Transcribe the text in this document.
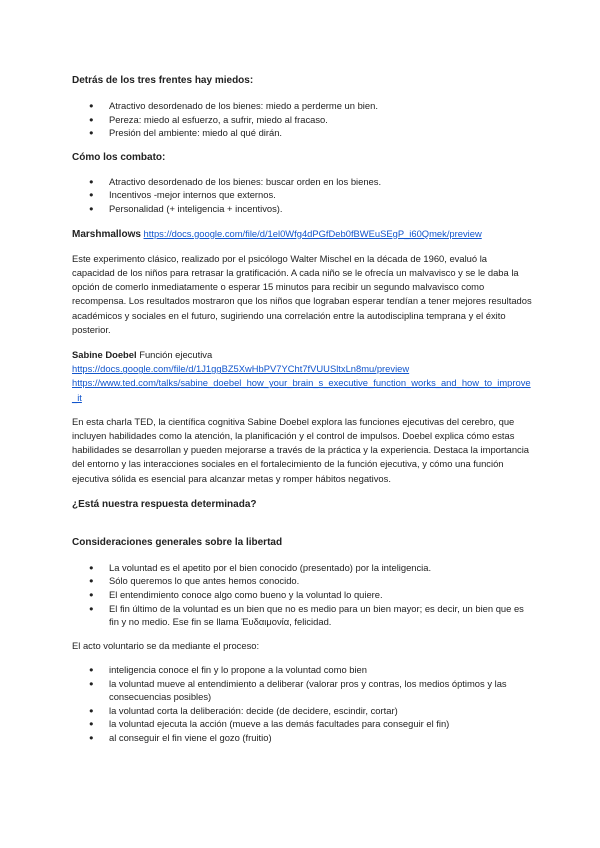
Detrás de los tres frentes hay miedos:

● Atractivo desordenado de los bienes: miedo a perderme un bien.
● Pereza: miedo al esfuerzo, a sufrir, miedo al fracaso.
● Presión del ambiente: miedo al qué dirán.

Cómo los combato:

● Atractivo desordenado de los bienes: buscar orden en los bienes.
● Incentivos -mejor internos que externos.
● Personalidad (+ inteligencia + incentivos).

Marshmallows https://docs.google.com/file/d/1el0Wfg4dPGfDeb0fBWEuSEgP_i60Qmek/preview

Este experimento clásico, realizado por el psicólogo Walter Mischel en la década de 1960, evaluó la capacidad de los niños para retrasar la gratificación. A cada niño se le ofrecía un malvavisco y se le daba la opción de comerlo inmediatamente o esperar 15 minutos para recibir un segundo malvavisco como recompensa. Los resultados mostraron que los niños que lograban esperar tendían a tener mejores resultados académicos y sociales en el futuro, sugiriendo una correlación entre la autodisciplina temprana y el éxito posterior.

Sabine Doebel Función ejecutiva

https://docs.google.com/file/d/1J1ggBZ5XwHbPV7YCht7fVUUSltxLn8mu/preview

https://www.ted.com/talks/sabine_doebel_how_your_brain_s_executive_function_works_and_how_to_improve_it

En esta charla TED, la científica cognitiva Sabine Doebel explora las funciones ejecutivas del cerebro, que incluyen habilidades como la atención, la planificación y el control de impulsos. Doebel explica cómo estas habilidades se desarrollan y pueden mejorarse a través de la práctica y la experiencia. Destaca la importancia del entorno y las interacciones sociales en el fortalecimiento de la función ejecutiva, y cómo una función ejecutiva sólida es esencial para alcanzar metas y romper hábitos negativos.

¿Está nuestra respuesta determinada?

Consideraciones generales sobre la libertad

● La voluntad es el apetito por el bien conocido (presentado) por la inteligencia.
● Sólo queremos lo que antes hemos conocido.
● El entendimiento conoce algo como bueno y la voluntad lo quiere.
● El fin último de la voluntad es un bien que no es medio para un bien mayor; es decir, un bien que es fin y no medio. Ese fin se llama Ἐυδαιμονία, felicidad.

El acto voluntario se da mediante el proceso:

● inteligencia conoce el fin y lo propone a la voluntad como bien
● la voluntad mueve al entendimiento a deliberar (valorar pros y contras, los medios óptimos y las consecuencias posibles)
● la voluntad corta la deliberación: decide (de decidere, escindir, cortar)
● la voluntad ejecuta la acción (mueve a las demás facultades para conseguir el fin)
● al conseguir el fin viene el gozo (fruitio)
